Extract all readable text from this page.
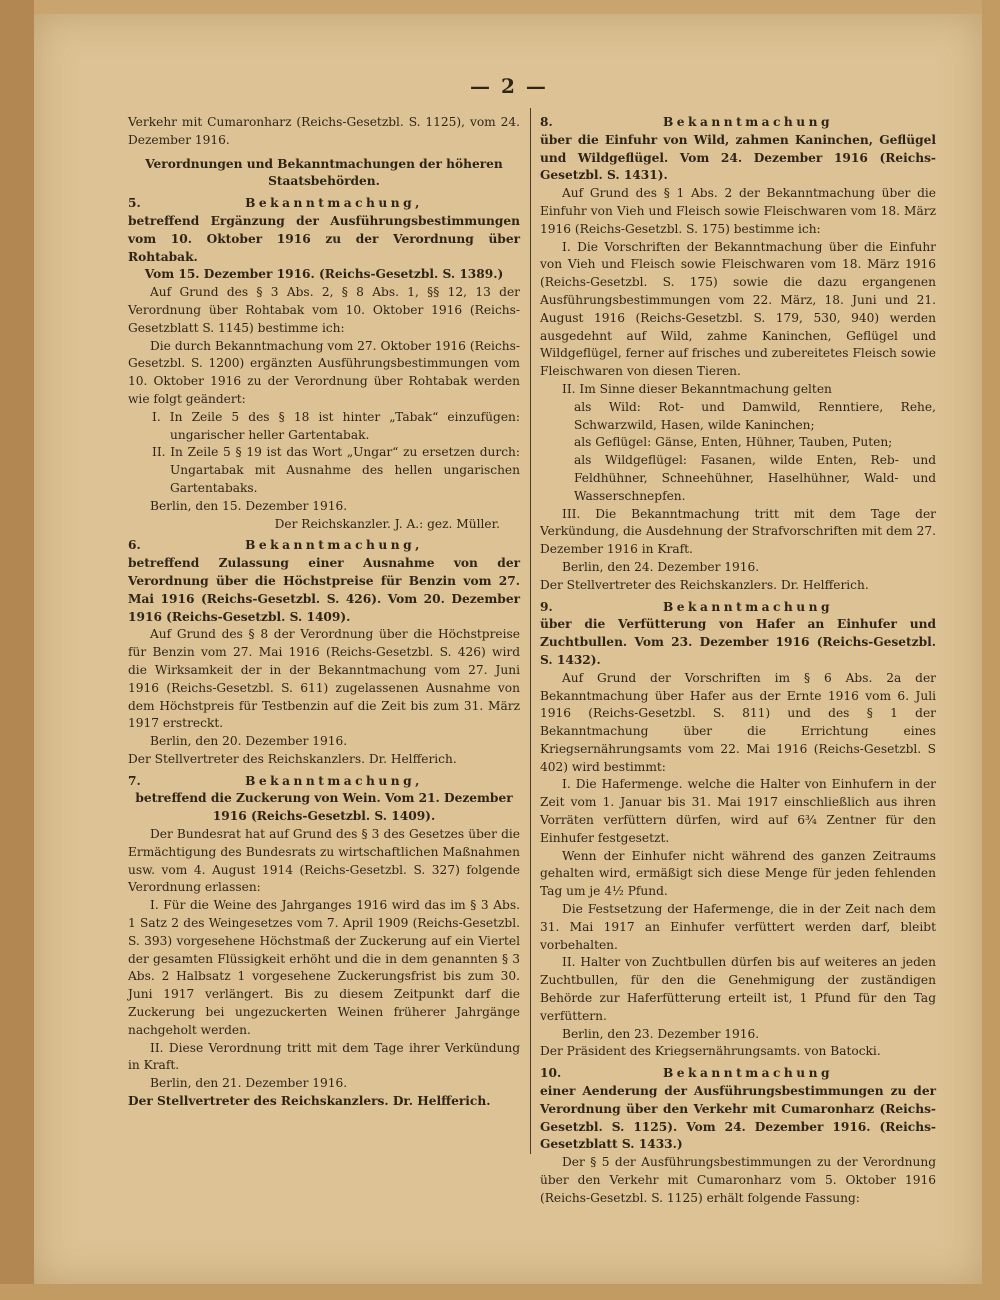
— 2 —

Verkehr mit Cumaronharz (Reichs-Gesetzbl. S. 1125), vom 24. Dezember 1916.

Verordnungen und Bekanntmachungen der höheren Staatsbehörden.

5.	Bekanntmachung,

betreffend Ergänzung der Ausführungsbestimmungen vom 10. Oktober 1916 zu der Verordnung über Rohtabak.

Vom 15. Dezember 1916. (Reichs-Gesetzbl. S. 1389.)

Auf Grund des § 3 Abs. 2, § 8 Abs. 1, §§ 12, 13 der Verordnung über Rohtabak vom 10. Oktober 1916 (Reichs-Gesetzblatt S. 1145) bestimme ich:

Die durch Bekanntmachung vom 27. Oktober 1916 (Reichs-Gesetzbl. S. 1200) ergänzten Ausführungsbestimmungen vom 10. Oktober 1916 zu der Verordnung über Rohtabak werden wie folgt geändert:

I. In Zeile 5 des § 18 ist hinter „Tabak“ einzufügen: ungarischer heller Gartentabak.

II. In Zeile 5 § 19 ist das Wort „Ungar“ zu ersetzen durch: Ungartabak mit Ausnahme des hellen ungarischen Gartentabaks.

Berlin, den 15. Dezember 1916.

Der Reichskanzler. J. A.: gez. Müller.

6.	Bekanntmachung,

betreffend Zulassung einer Ausnahme von der Verordnung über die Höchstpreise für Benzin vom 27. Mai 1916 (Reichs-Gesetzbl. S. 426). Vom 20. Dezember 1916 (Reichs-Gesetzbl. S. 1409).

Auf Grund des § 8 der Verordnung über die Höchstpreise für Benzin vom 27. Mai 1916 (Reichs-Gesetzbl. S. 426) wird die Wirksamkeit der in der Bekanntmachung vom 27. Juni 1916 (Reichs-Gesetzbl. S. 611) zugelassenen Ausnahme von dem Höchstpreis für Testbenzin auf die Zeit bis zum 31. März 1917 erstreckt.

Berlin, den 20. Dezember 1916.

Der Stellvertreter des Reichskanzlers. Dr. Helfferich.

7.	Bekanntmachung,

betreffend die Zuckerung von Wein. Vom 21. Dezember 1916 (Reichs-Gesetzbl. S. 1409).

Der Bundesrat hat auf Grund des § 3 des Gesetzes über die Ermächtigung des Bundesrats zu wirtschaftlichen Maßnahmen usw. vom 4. August 1914 (Reichs-Gesetzbl. S. 327) folgende Verordnung erlassen:

I. Für die Weine des Jahrganges 1916 wird das im § 3 Abs. 1 Satz 2 des Weingesetzes vom 7. April 1909 (Reichs-Gesetzbl. S. 393) vorgesehene Höchstmaß der Zuckerung auf ein Viertel der gesamten Flüssigkeit erhöht und die in dem genannten § 3 Abs. 2 Halbsatz 1 vorgesehene Zuckerungsfrist bis zum 30. Juni 1917 verlängert. Bis zu diesem Zeitpunkt darf die Zuckerung bei ungezuckerten Weinen früherer Jahrgänge nachgeholt werden.

II. Diese Verordnung tritt mit dem Tage ihrer Verkündung in Kraft.

Berlin, den 21. Dezember 1916.

Der Stellvertreter des Reichskanzlers. Dr. Helfferich.

8.	Bekanntmachung

über die Einfuhr von Wild, zahmen Kaninchen, Geflügel und Wildgeflügel. Vom 24. Dezember 1916 (Reichs-Gesetzbl. S. 1431).

Auf Grund des § 1 Abs. 2 der Bekanntmachung über die Einfuhr von Vieh und Fleisch sowie Fleischwaren vom 18. März 1916 (Reichs-Gesetzbl. S. 175) bestimme ich:

I. Die Vorschriften der Bekanntmachung über die Einfuhr von Vieh und Fleisch sowie Fleischwaren vom 18. März 1916 (Reichs-Gesetzbl. S. 175) sowie die dazu ergangenen Ausführungsbestimmungen vom 22. März, 18. Juni und 21. August 1916 (Reichs-Gesetzbl. S. 179, 530, 940) werden ausgedehnt auf Wild, zahme Kaninchen, Geflügel und Wildgeflügel, ferner auf frisches und zubereitetes Fleisch sowie Fleischwaren von diesen Tieren.

II. Im Sinne dieser Bekanntmachung gelten

als Wild: Rot- und Damwild, Renntiere, Rehe, Schwarzwild, Hasen, wilde Kaninchen;

als Geflügel: Gänse, Enten, Hühner, Tauben, Puten;

als Wildgeflügel: Fasanen, wilde Enten, Reb- und Feldhühner, Schneehühner, Haselhühner, Wald- und Wasserschnepfen.

III. Die Bekanntmachung tritt mit dem Tage der Verkündung, die Ausdehnung der Strafvorschriften mit dem 27. Dezember 1916 in Kraft.

Berlin, den 24. Dezember 1916.

Der Stellvertreter des Reichskanzlers. Dr. Helfferich.

9.	Bekanntmachung

über die Verfütterung von Hafer an Einhufer und Zuchtbullen. Vom 23. Dezember 1916 (Reichs-Gesetzbl. S. 1432).

Auf Grund der Vorschriften im § 6 Abs. 2a der Bekanntmachung über Hafer aus der Ernte 1916 vom 6. Juli 1916 (Reichs-Gesetzbl. S. 811) und des § 1 der Bekanntmachung über die Errichtung eines Kriegsernährungsamts vom 22. Mai 1916 (Reichs-Gesetzbl. S 402) wird bestimmt:

I. Die Hafermenge. welche die Halter von Einhufern in der Zeit vom 1. Januar bis 31. Mai 1917 einschließlich aus ihren Vorräten verfüttern dürfen, wird auf 6¾ Zentner für den Einhufer festgesetzt.

Wenn der Einhufer nicht während des ganzen Zeitraums gehalten wird, ermäßigt sich diese Menge für jeden fehlenden Tag um je 4½ Pfund.

Die Festsetzung der Hafermenge, die in der Zeit nach dem 31. Mai 1917 an Einhufer verfüttert werden darf, bleibt vorbehalten.

II. Halter von Zuchtbullen dürfen bis auf weiteres an jeden Zuchtbullen, für den die Genehmigung der zuständigen Behörde zur Haferfütterung erteilt ist, 1 Pfund für den Tag verfüttern.

Berlin, den 23. Dezember 1916.

Der Präsident des Kriegsernährungsamts. von Batocki.

10.	Bekanntmachung

einer Aenderung der Ausführungsbestimmungen zu der Verordnung über den Verkehr mit Cumaronharz (Reichs-Gesetzbl. S. 1125). Vom 24. Dezember 1916. (Reichs-Gesetzblatt S. 1433.)

Der § 5 der Ausführungsbestimmungen zu der Verordnung über den Verkehr mit Cumaronharz vom 5. Oktober 1916 (Reichs-Gesetzbl. S. 1125) erhält folgende Fassung:
